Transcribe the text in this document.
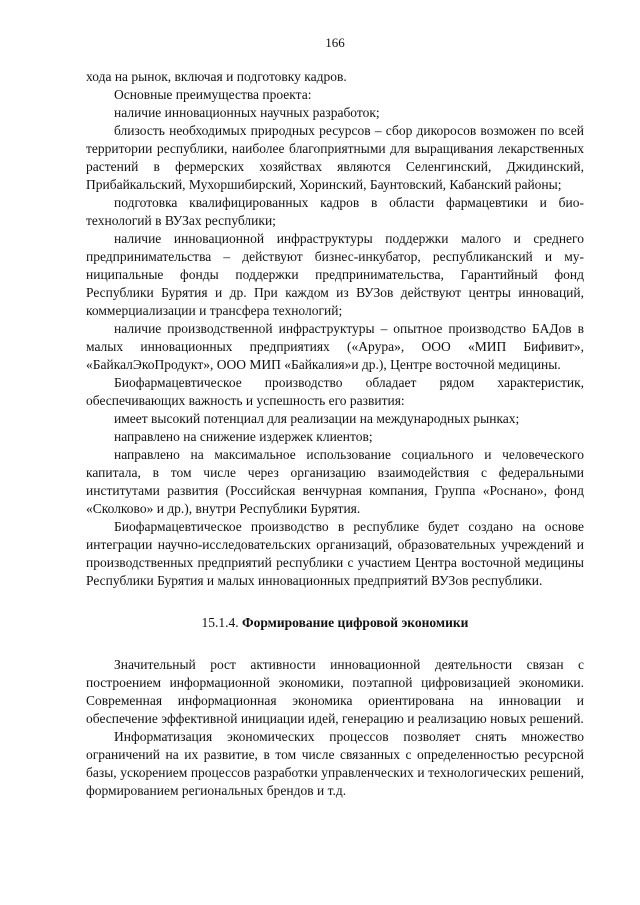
166

хода на рынок, включая и подготовку кадров.

Основные преимущества проекта:

наличие инновационных научных разработок;

близость необходимых природных ресурсов – сбор дикоросов возможен по всей территории республики, наиболее благоприятными для выращивания лекарственных растений в фермерских хозяйствах являются Селенгинский, Джидинский, Прибайкальский, Мухоршибирский, Хоринский, Баунтовский, Кабанский районы;

подготовка квалифицированных кадров в области фармацевтики и биотехнологий в ВУЗах республики;

наличие инновационной инфраструктуры поддержки малого и среднего предпринимательства – действуют бизнес-инкубатор, республиканский и муниципальные фонды поддержки предпринимательства, Гарантийный фонд Республики Бурятия и др. При каждом из ВУЗов действуют центры инноваций, коммерциализации и трансфера технологий;

наличие производственной инфраструктуры – опытное производство БАДов в малых инновационных предприятиях («Арура», ООО «МИП Бифивит», «БайкалЭкоПродукт», ООО МИП «Байкалия»и др.), Центре восточной медицины.

Биофармацевтическое производство обладает рядом характеристик, обеспечивающих важность и успешность его развития:

имеет высокий потенциал для реализации на международных рынках;

направлено на снижение издержек клиентов;

направлено на максимальное использование социального и человеческого капитала, в том числе через организацию взаимодействия с федеральными институтами развития (Российская венчурная компания, Группа «Роснано», фонд «Сколково» и др.), внутри Республики Бурятия.

Биофармацевтическое производство в республике будет создано на основе интеграции научно-исследовательских организаций, образовательных учреждений и производственных предприятий республики с участием Центра восточной медицины Республики Бурятия и малых инновационных предприятий ВУЗов республики.

15.1.4. Формирование цифровой экономики

Значительный рост активности инновационной деятельности связан с построением информационной экономики, поэтапной цифровизацией экономики. Современная информационная экономика ориентирована на инновации и обеспечение эффективной инициации идей, генерацию и реализацию новых решений.

Информатизация экономических процессов позволяет снять множество ограничений на их развитие, в том числе связанных с определенностью ресурсной базы, ускорением процессов разработки управленческих и технологических решений, формированием региональных брендов и т.д.
